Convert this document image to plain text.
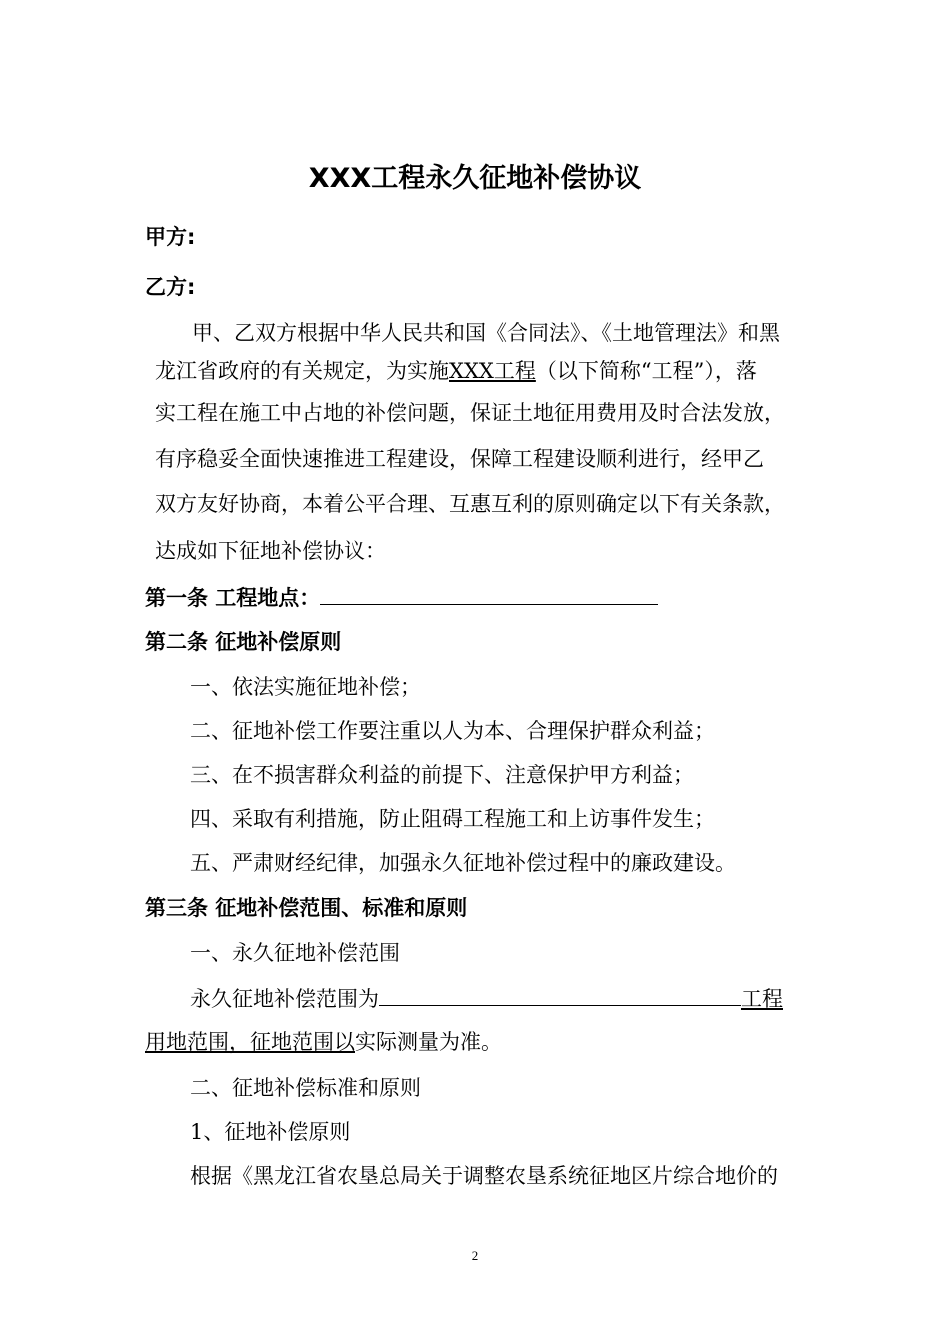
XXX工程永久征地补偿协议
甲方:
乙方:
甲、乙双方根据中华人民共和国《合同法》、《土地管理法》和黑
龙江省政府的有关规定，为实施XXX工程（以下简称“工程”），落
实工程在施工中占地的补偿问题，保证土地征用费用及时合法发放，
有序稳妥全面快速推进工程建设，保障工程建设顺利进行，经甲乙
双方友好协商，本着公平合理、互惠互利的原则确定以下有关条款，
达成如下征地补偿协议：
第一条 工程地点：
第二条 征地补偿原则
一、依法实施征地补偿；
二、征地补偿工作要注重以人为本、合理保护群众利益；
三、在不损害群众利益的前提下、注意保护甲方利益；
四、采取有利措施，防止阻碍工程施工和上访事件发生；
五、严肃财经纪律，加强永久征地补偿过程中的廉政建设。
第三条 征地补偿范围、标准和原则
一、永久征地补偿范围
永久征地补偿范围为	工程
用地范围，征地范围以实际测量为准。
二、征地补偿标准和原则
1、征地补偿原则
根据《黑龙江省农垦总局关于调整农垦系统征地区片综合地价的
2
